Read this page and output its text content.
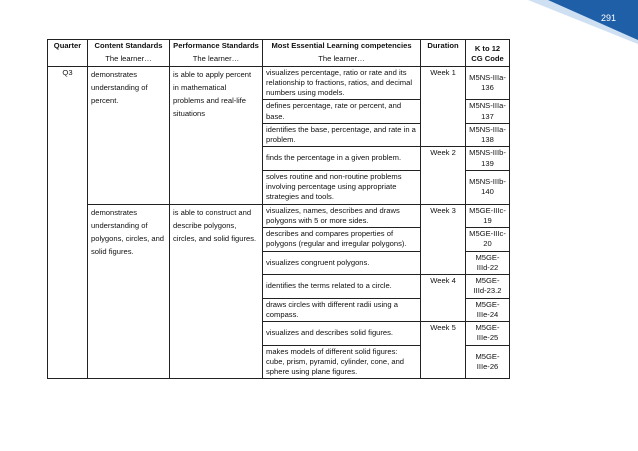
291
Quarter	Content Standards	Performance Standards	Most Essential Learning competencies	Duration	K to 12 CG Code
	The learner…	The learner…	The learner…		
Q3	demonstrates understanding of percent.	is able to apply percent in mathematical problems and real-life situations	visualizes percentage, ratio or rate and its relationship to fractions, ratios, and decimal numbers using models.	Week 1	M5NS-IIIa-136
			defines percentage, rate or percent, and base.		M5NS-IIIa-137
			identifies the base, percentage, and rate in a problem.		M5NS-IIIa-138
			finds the percentage in a given problem.	Week 2	M5NS-IIIb-139
			solves routine and non-routine problems involving percentage using appropriate strategies and tools.		M5NS-IIIb-140
	demonstrates understanding of polygons, circles, and solid figures.	is able to construct and describe polygons, circles, and solid figures.	visualizes, names, describes and draws polygons with 5 or more sides.	Week 3	M5GE-IIIc-19
			describes and compares properties of polygons (regular and irregular polygons).		M5GE-IIIc-20
			visualizes congruent polygons.		M5GE-IIId-22
			identifies the terms related to a circle.	Week 4	M5GE-IIId-23.2
			draws circles with different radii using a compass.		M5GE-IIIe-24
			visualizes and describes solid figures.	Week 5	M5GE-IIIe-25
			makes models of different solid figures: cube, prism, pyramid, cylinder, cone, and sphere using plane figures.		M5GE-IIIe-26
